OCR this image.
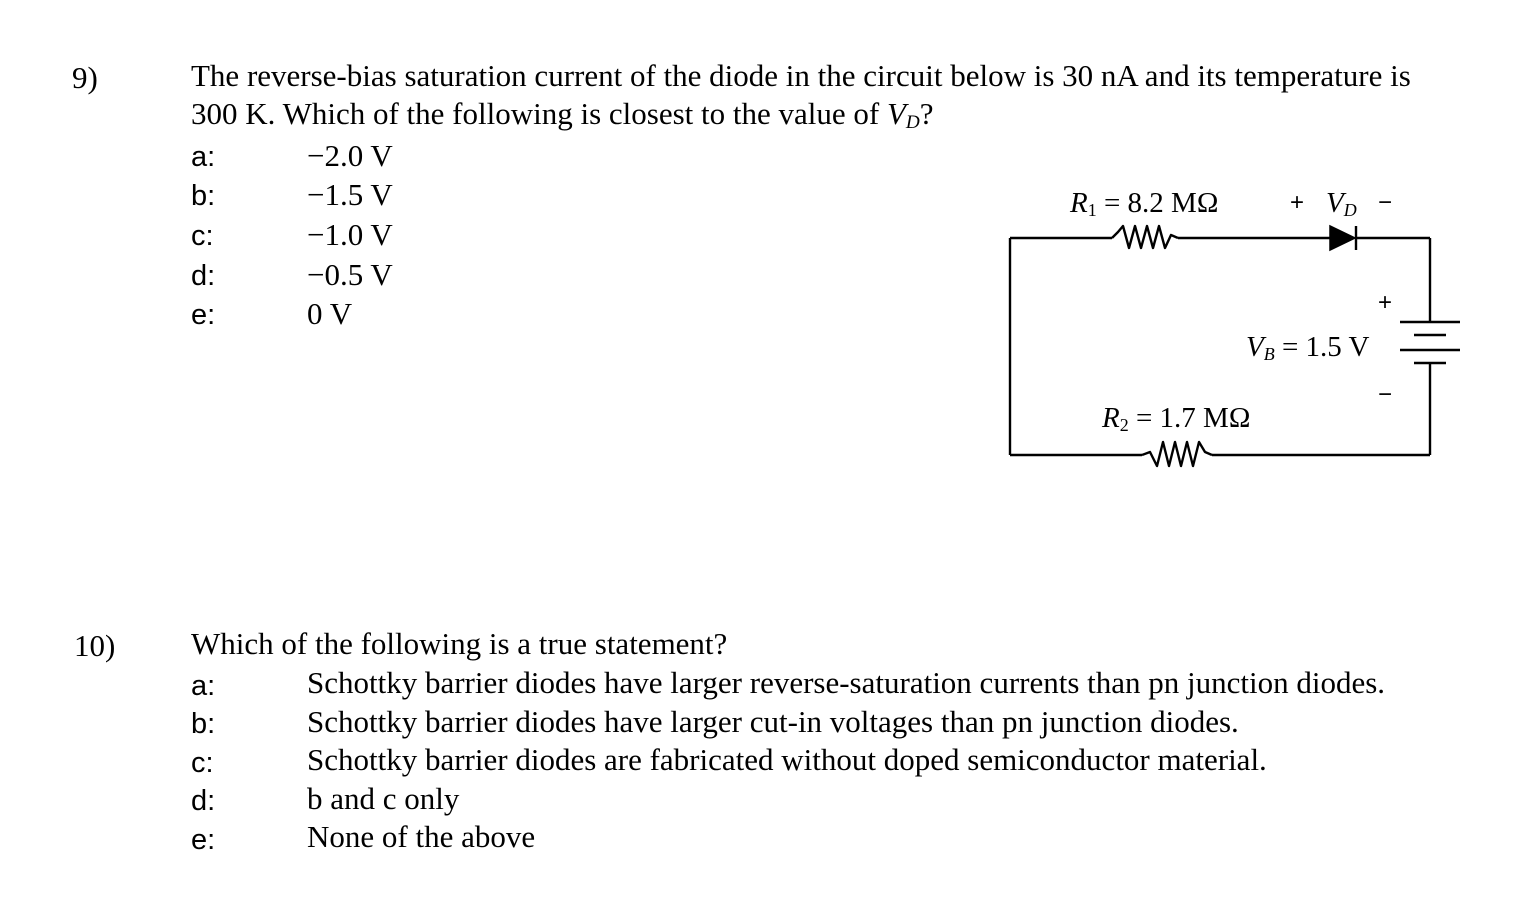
9)	The reverse-bias saturation current of the diode in the circuit below is 30 nA and its temperature is
300 K. Which of the following is closest to the value of $V_D$?
a:	−2.0 V
b:	−1.5 V
c:	−1.0 V
d:	−0.5 V
e:	0 V
$R_1 = 8.2$ MΩ	+ $V_D$ −
+
$V_B = 1.5$ V
−
$R_2 = 1.7$ MΩ
10) Which of the following is a true statement?
a:	Schottky barrier diodes have larger reverse-saturation currents than pn junction diodes.
b:	Schottky barrier diodes have larger cut-in voltages than pn junction diodes.
c:	Schottky barrier diodes are fabricated without doped semiconductor material.
d:	b and c only
e:	None of the above
